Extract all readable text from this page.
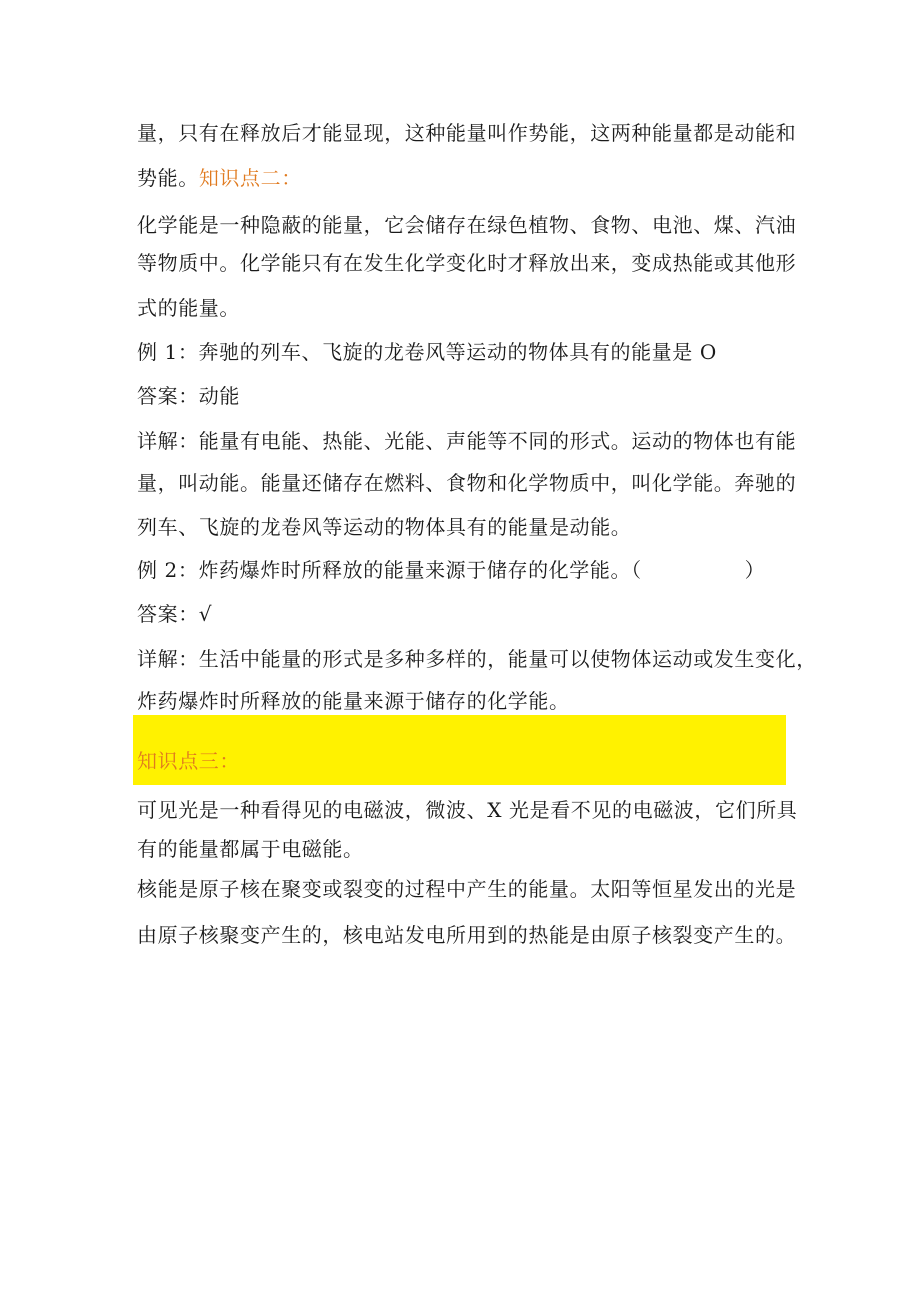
量，只有在释放后才能显现，这种能量叫作势能，这两种能量都是动能和
势能。知识点二：
化学能是一种隐蔽的能量，它会储存在绿色植物、食物、电池、煤、汽油
等物质中。化学能只有在发生化学变化时才释放出来，变成热能或其他形
式的能量。
例 1：奔驰的列车、飞旋的龙卷风等运动的物体具有的能量是 O
答案：动能
详解：能量有电能、热能、光能、声能等不同的形式。运动的物体也有能
量，叫动能。能量还储存在燃料、食物和化学物质中，叫化学能。奔驰的
列车、飞旋的龙卷风等运动的物体具有的能量是动能。
例 2：炸药爆炸时所释放的能量来源于储存的化学能。（　　　　　）
答案：√
详解：生活中能量的形式是多种多样的，能量可以使物体运动或发生变化，
炸药爆炸时所释放的能量来源于储存的化学能。
知识点三：
可见光是一种看得见的电磁波，微波、X 光是看不见的电磁波，它们所具
有的能量都属于电磁能。
核能是原子核在聚变或裂变的过程中产生的能量。太阳等恒星发出的光是
由原子核聚变产生的，核电站发电所用到的热能是由原子核裂变产生的。
